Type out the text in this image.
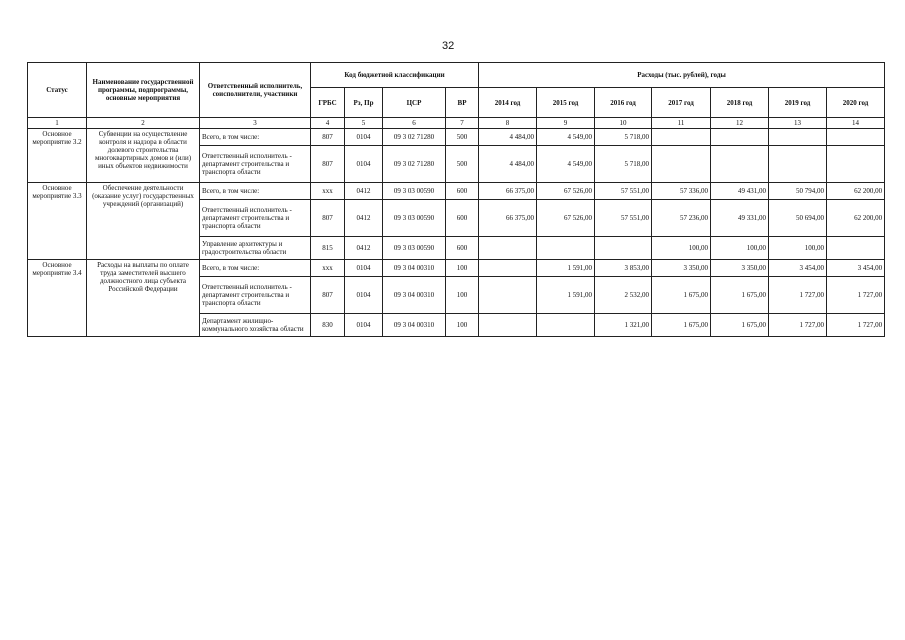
32
Статус	Наименование государственной программы, подпрограммы, основные мероприятия	Ответственный исполнитель, соисполнители, участники	Код бюджетной классификации				Расходы (тыс. рублей), годы						
			ГРБС	Рз, Пр	ЦСР	ВР	2014 год	2015 год	2016 год	2017 год	2018 год	2019 год	2020 год
1	2	3	4	5	6	7	8	9	10	11	12	13	14
Основное мероприятие 3.2	Субвенции на осуществление контроля и надзора в области долевого строительства многоквартирных домов и (или) иных объектов недвижимости	Всего, в том числе:	807	0104	09 3 02 71280	500	4 484,00	4 549,00	5 718,00				
		Ответственный исполнитель - департамент строительства и транспорта области	807	0104	09 3 02 71280	500	4 484,00	4 549,00	5 718,00				
Основное мероприятие 3.3	Обеспечение деятельности (оказание услуг) государственных учреждений (организаций)	Всего, в том числе:	ххх	0412	09 3 03 00590	600	66 375,00	67 526,00	57 551,00	57 336,00	49 431,00	50 794,00	62 200,00
		Ответственный исполнитель - департамент строительства и транспорта области	807	0412	09 3 03 00590	600	66 375,00	67 526,00	57 551,00	57 236,00	49 331,00	50 694,00	62 200,00
		Управление архитектуры и градостроительства области	815	0412	09 3 03 00590	600				100,00	100,00	100,00	
Основное мероприятие 3.4	Расходы на выплаты по оплате труда заместителей высшего должностного лица субъекта Российской Федерации	Всего, в том числе:	ххх	0104	09 3 04 00310	100		1 591,00	3 853,00	3 350,00	3 350,00	3 454,00	3 454,00
		Ответственный исполнитель - департамент строительства и транспорта области	807	0104	09 3 04 00310	100		1 591,00	2 532,00	1 675,00	1 675,00	1 727,00	1 727,00
		Департамент жилищно-коммунального хозяйства области	830	0104	09 3 04 00310	100			1 321,00	1 675,00	1 675,00	1 727,00	1 727,00
